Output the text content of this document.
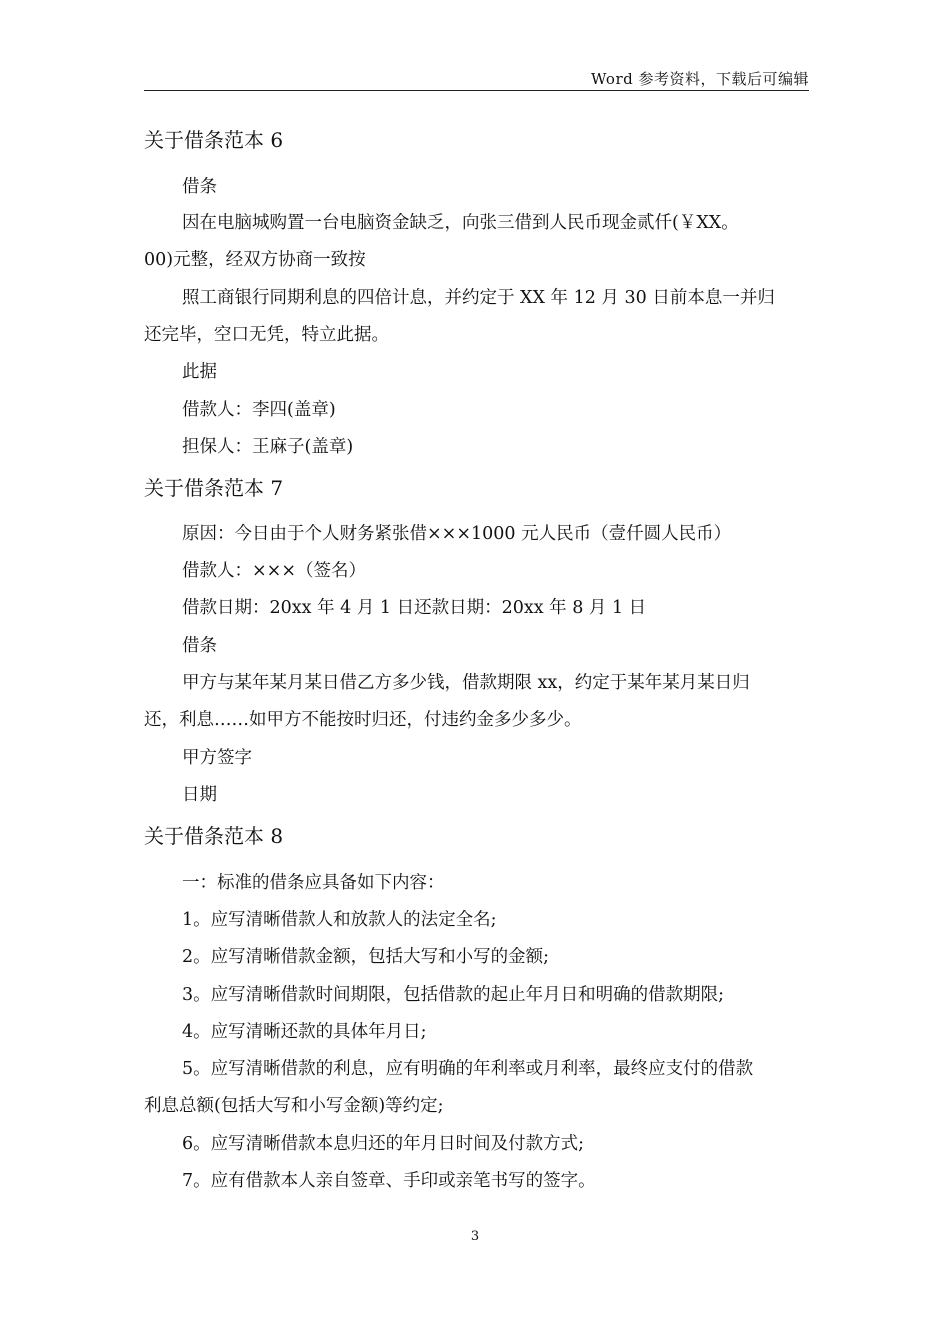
Word 参考资料，下载后可编辑
关于借条范本 6
借条
因在电脑城购置一台电脑资金缺乏，向张三借到人民币现金贰仟(￥XX。
00)元整，经双方协商一致按
照工商银行同期利息的四倍计息，并约定于 XX 年 12 月 30 日前本息一并归
还完毕，空口无凭，特立此据。
此据
借款人：李四(盖章)
担保人：王麻子(盖章)
关于借条范本 7
原因：今日由于个人财务紧张借×××1000 元人民币（壹仟圆人民币）
借款人：×××（签名）
借款日期：20xx 年 4 月 1 日还款日期：20xx 年 8 月 1 日
借条
甲方与某年某月某日借乙方多少钱，借款期限 xx，约定于某年某月某日归
还，利息……如甲方不能按时归还，付违约金多少多少。
甲方签字
日期
关于借条范本 8
一：标准的借条应具备如下内容：
1。应写清晰借款人和放款人的法定全名;
2。应写清晰借款金额，包括大写和小写的金额;
3。应写清晰借款时间期限，包括借款的起止年月日和明确的借款期限;
4。应写清晰还款的具体年月日;
5。应写清晰借款的利息，应有明确的年利率或月利率，最终应支付的借款
利息总额(包括大写和小写金额)等约定;
6。应写清晰借款本息归还的年月日时间及付款方式;
7。应有借款本人亲自签章、手印或亲笔书写的签字。
3
